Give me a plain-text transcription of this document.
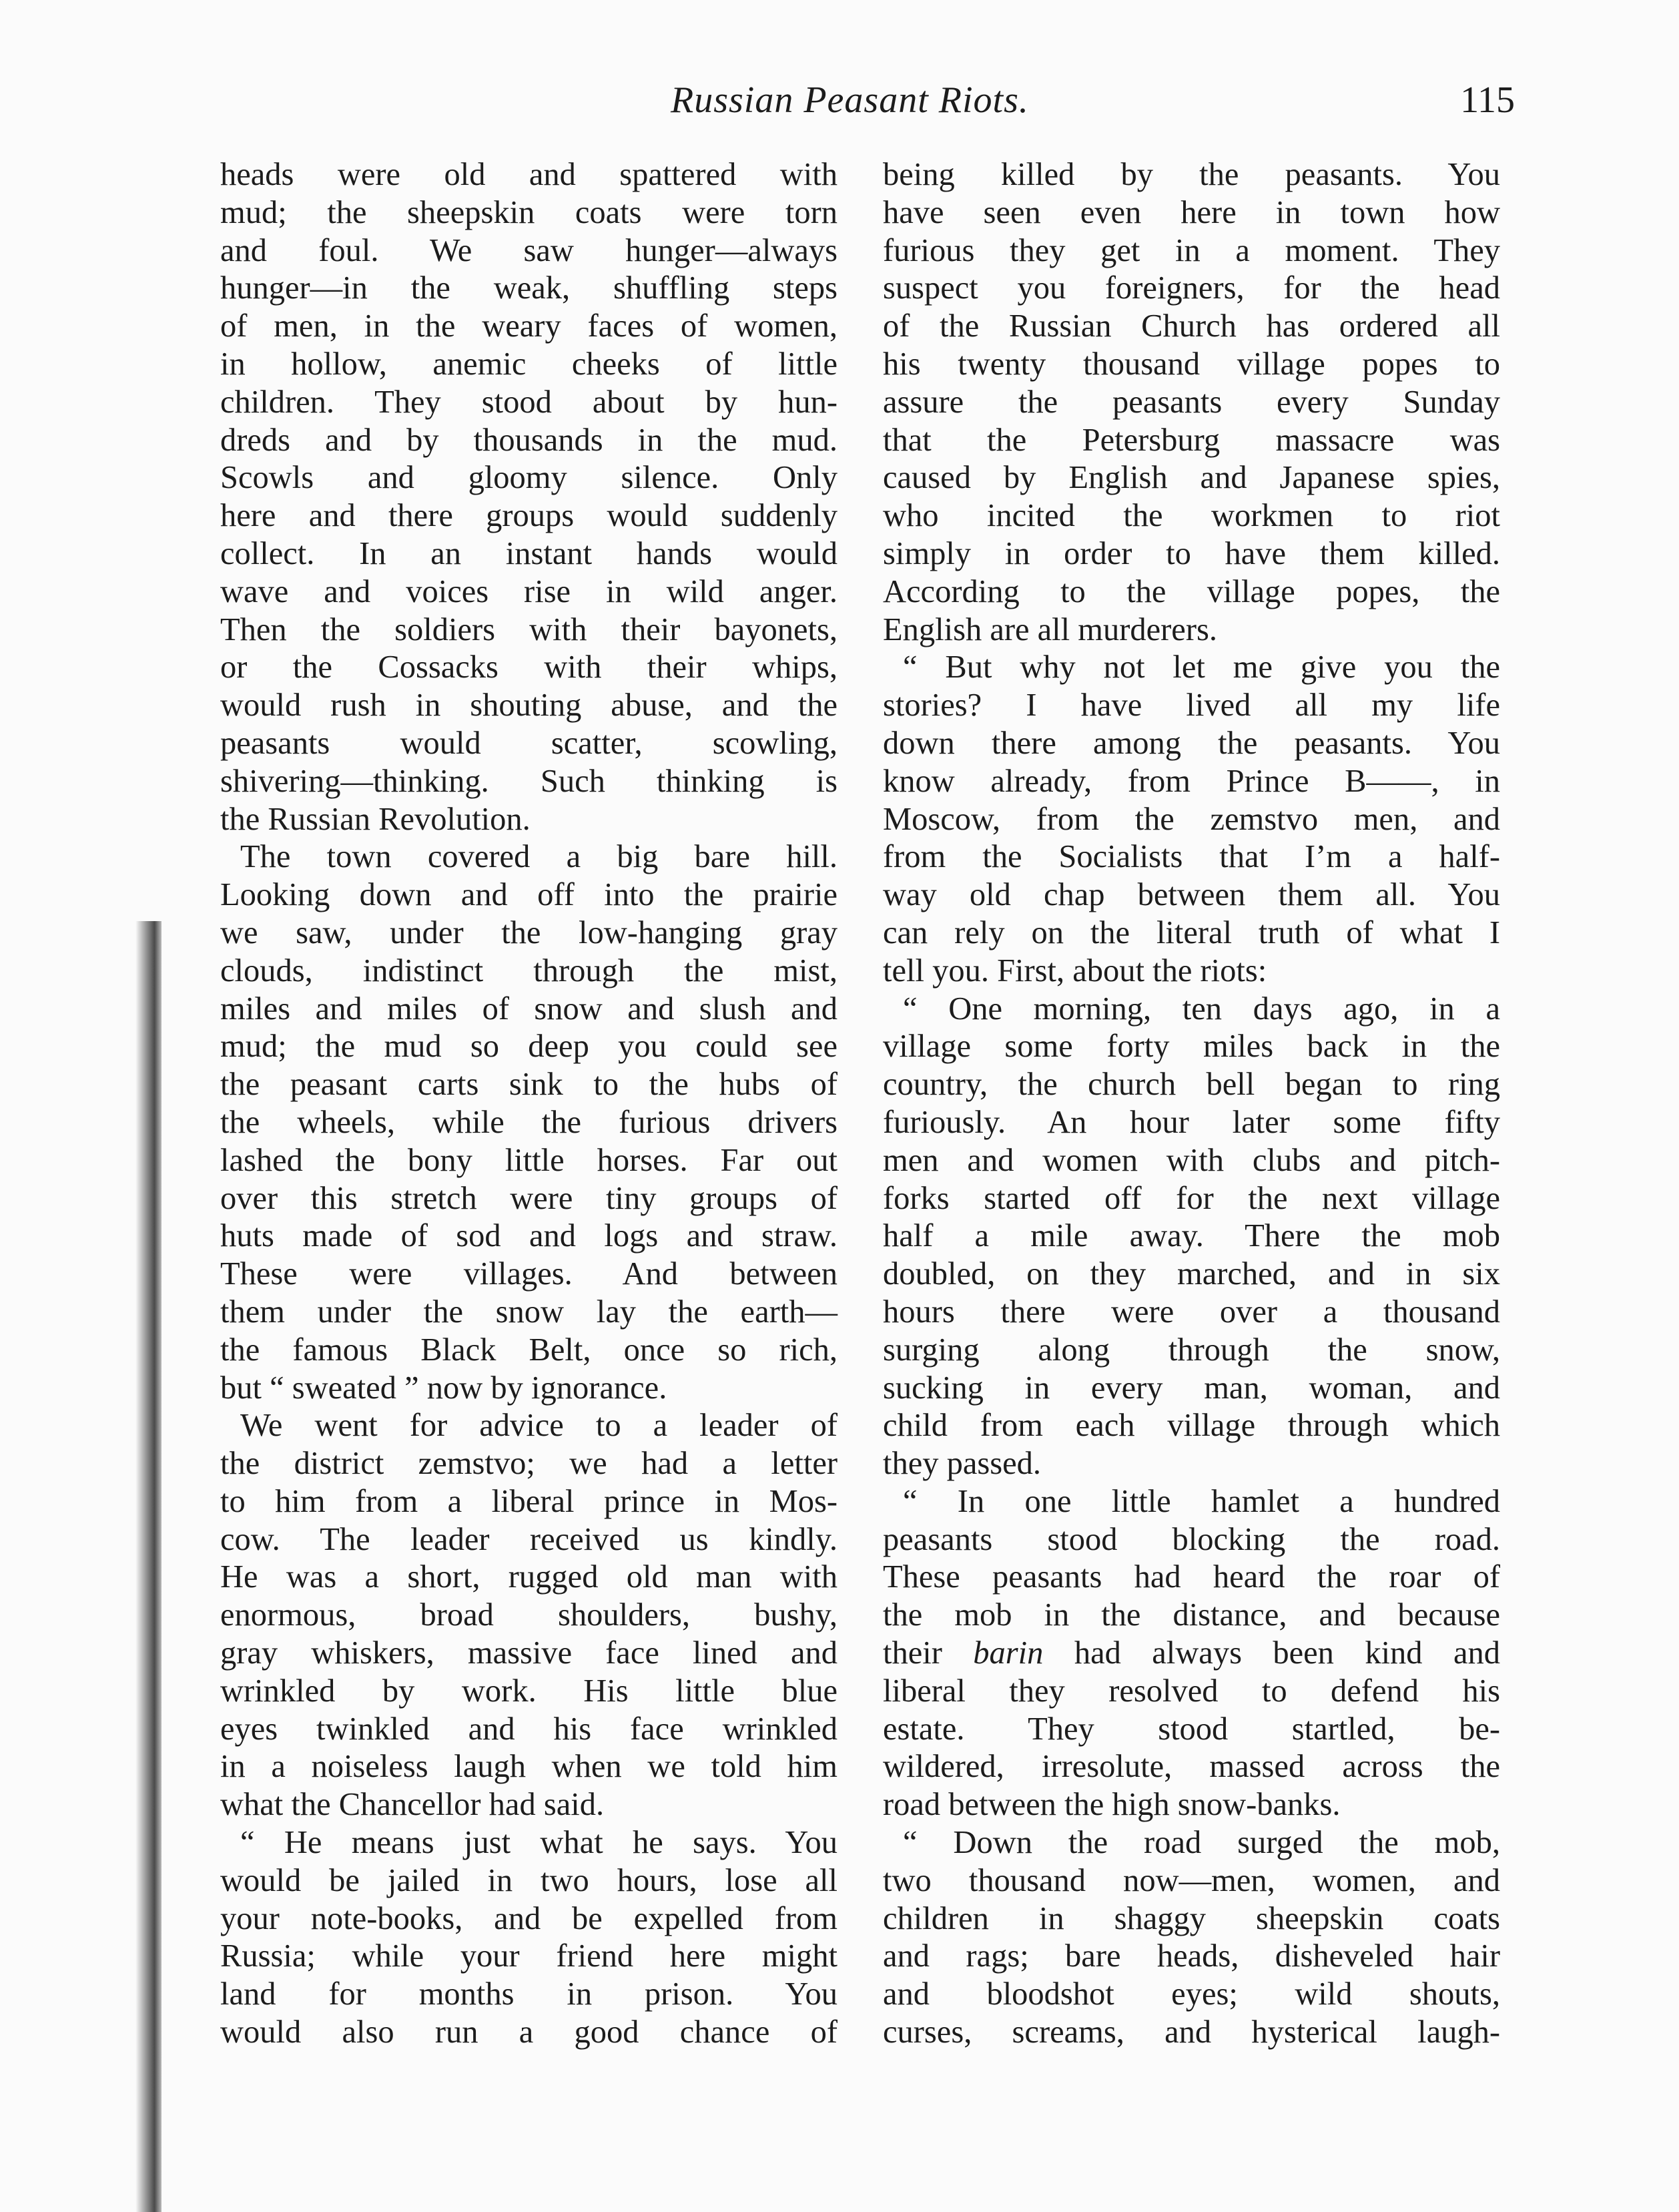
Russian Peasant Riots.	115
heads were old and spattered with
mud; the sheepskin coats were torn
and foul. We saw hunger—always
hunger—in the weak, shuffling steps
of men, in the weary faces of women,
in hollow, anemic cheeks of little
children. They stood about by hun-
dreds and by thousands in the mud.
Scowls and gloomy silence. Only
here and there groups would suddenly
collect. In an instant hands would
wave and voices rise in wild anger.
Then the soldiers with their bayonets,
or the Cossacks with their whips,
would rush in shouting abuse, and the
peasants would scatter, scowling,
shivering—thinking. Such thinking is
the Russian Revolution.
The town covered a big bare hill.
Looking down and off into the prairie
we saw, under the low-hanging gray
clouds, indistinct through the mist,
miles and miles of snow and slush and
mud; the mud so deep you could see
the peasant carts sink to the hubs of
the wheels, while the furious drivers
lashed the bony little horses. Far out
over this stretch were tiny groups of
huts made of sod and logs and straw.
These were villages. And between
them under the snow lay the earth—
the famous Black Belt, once so rich,
but “ sweated ” now by ignorance.
We went for advice to a leader of
the district zemstvo; we had a letter
to him from a liberal prince in Mos-
cow. The leader received us kindly.
He was a short, rugged old man with
enormous, broad shoulders, bushy,
gray whiskers, massive face lined and
wrinkled by work. His little blue
eyes twinkled and his face wrinkled
in a noiseless laugh when we told him
what the Chancellor had said.
“ He means just what he says. You
would be jailed in two hours, lose all
your note-books, and be expelled from
Russia; while your friend here might
land for months in prison. You
would also run a good chance of
being killed by the peasants. You
have seen even here in town how
furious they get in a moment. They
suspect you foreigners, for the head
of the Russian Church has ordered all
his twenty thousand village popes to
assure the peasants every Sunday
that the Petersburg massacre was
caused by English and Japanese spies,
who incited the workmen to riot
simply in order to have them killed.
According to the village popes, the
English are all murderers.
“ But why not let me give you the
stories? I have lived all my life
down there among the peasants. You
know already, from Prince B——, in
Moscow, from the zemstvo men, and
from the Socialists that I’m a half-
way old chap between them all. You
can rely on the literal truth of what I
tell you. First, about the riots:
“ One morning, ten days ago, in a
village some forty miles back in the
country, the church bell began to ring
furiously. An hour later some fifty
men and women with clubs and pitch-
forks started off for the next village
half a mile away. There the mob
doubled, on they marched, and in six
hours there were over a thousand
surging along through the snow,
sucking in every man, woman, and
child from each village through which
they passed.
“ In one little hamlet a hundred
peasants stood blocking the road.
These peasants had heard the roar of
the mob in the distance, and because
their barin had always been kind and
liberal they resolved to defend his
estate. They stood startled, be-
wildered, irresolute, massed across the
road between the high snow-banks.
“ Down the road surged the mob,
two thousand now—men, women, and
children in shaggy sheepskin coats
and rags; bare heads, disheveled hair
and bloodshot eyes; wild shouts,
curses, screams, and hysterical laugh-
